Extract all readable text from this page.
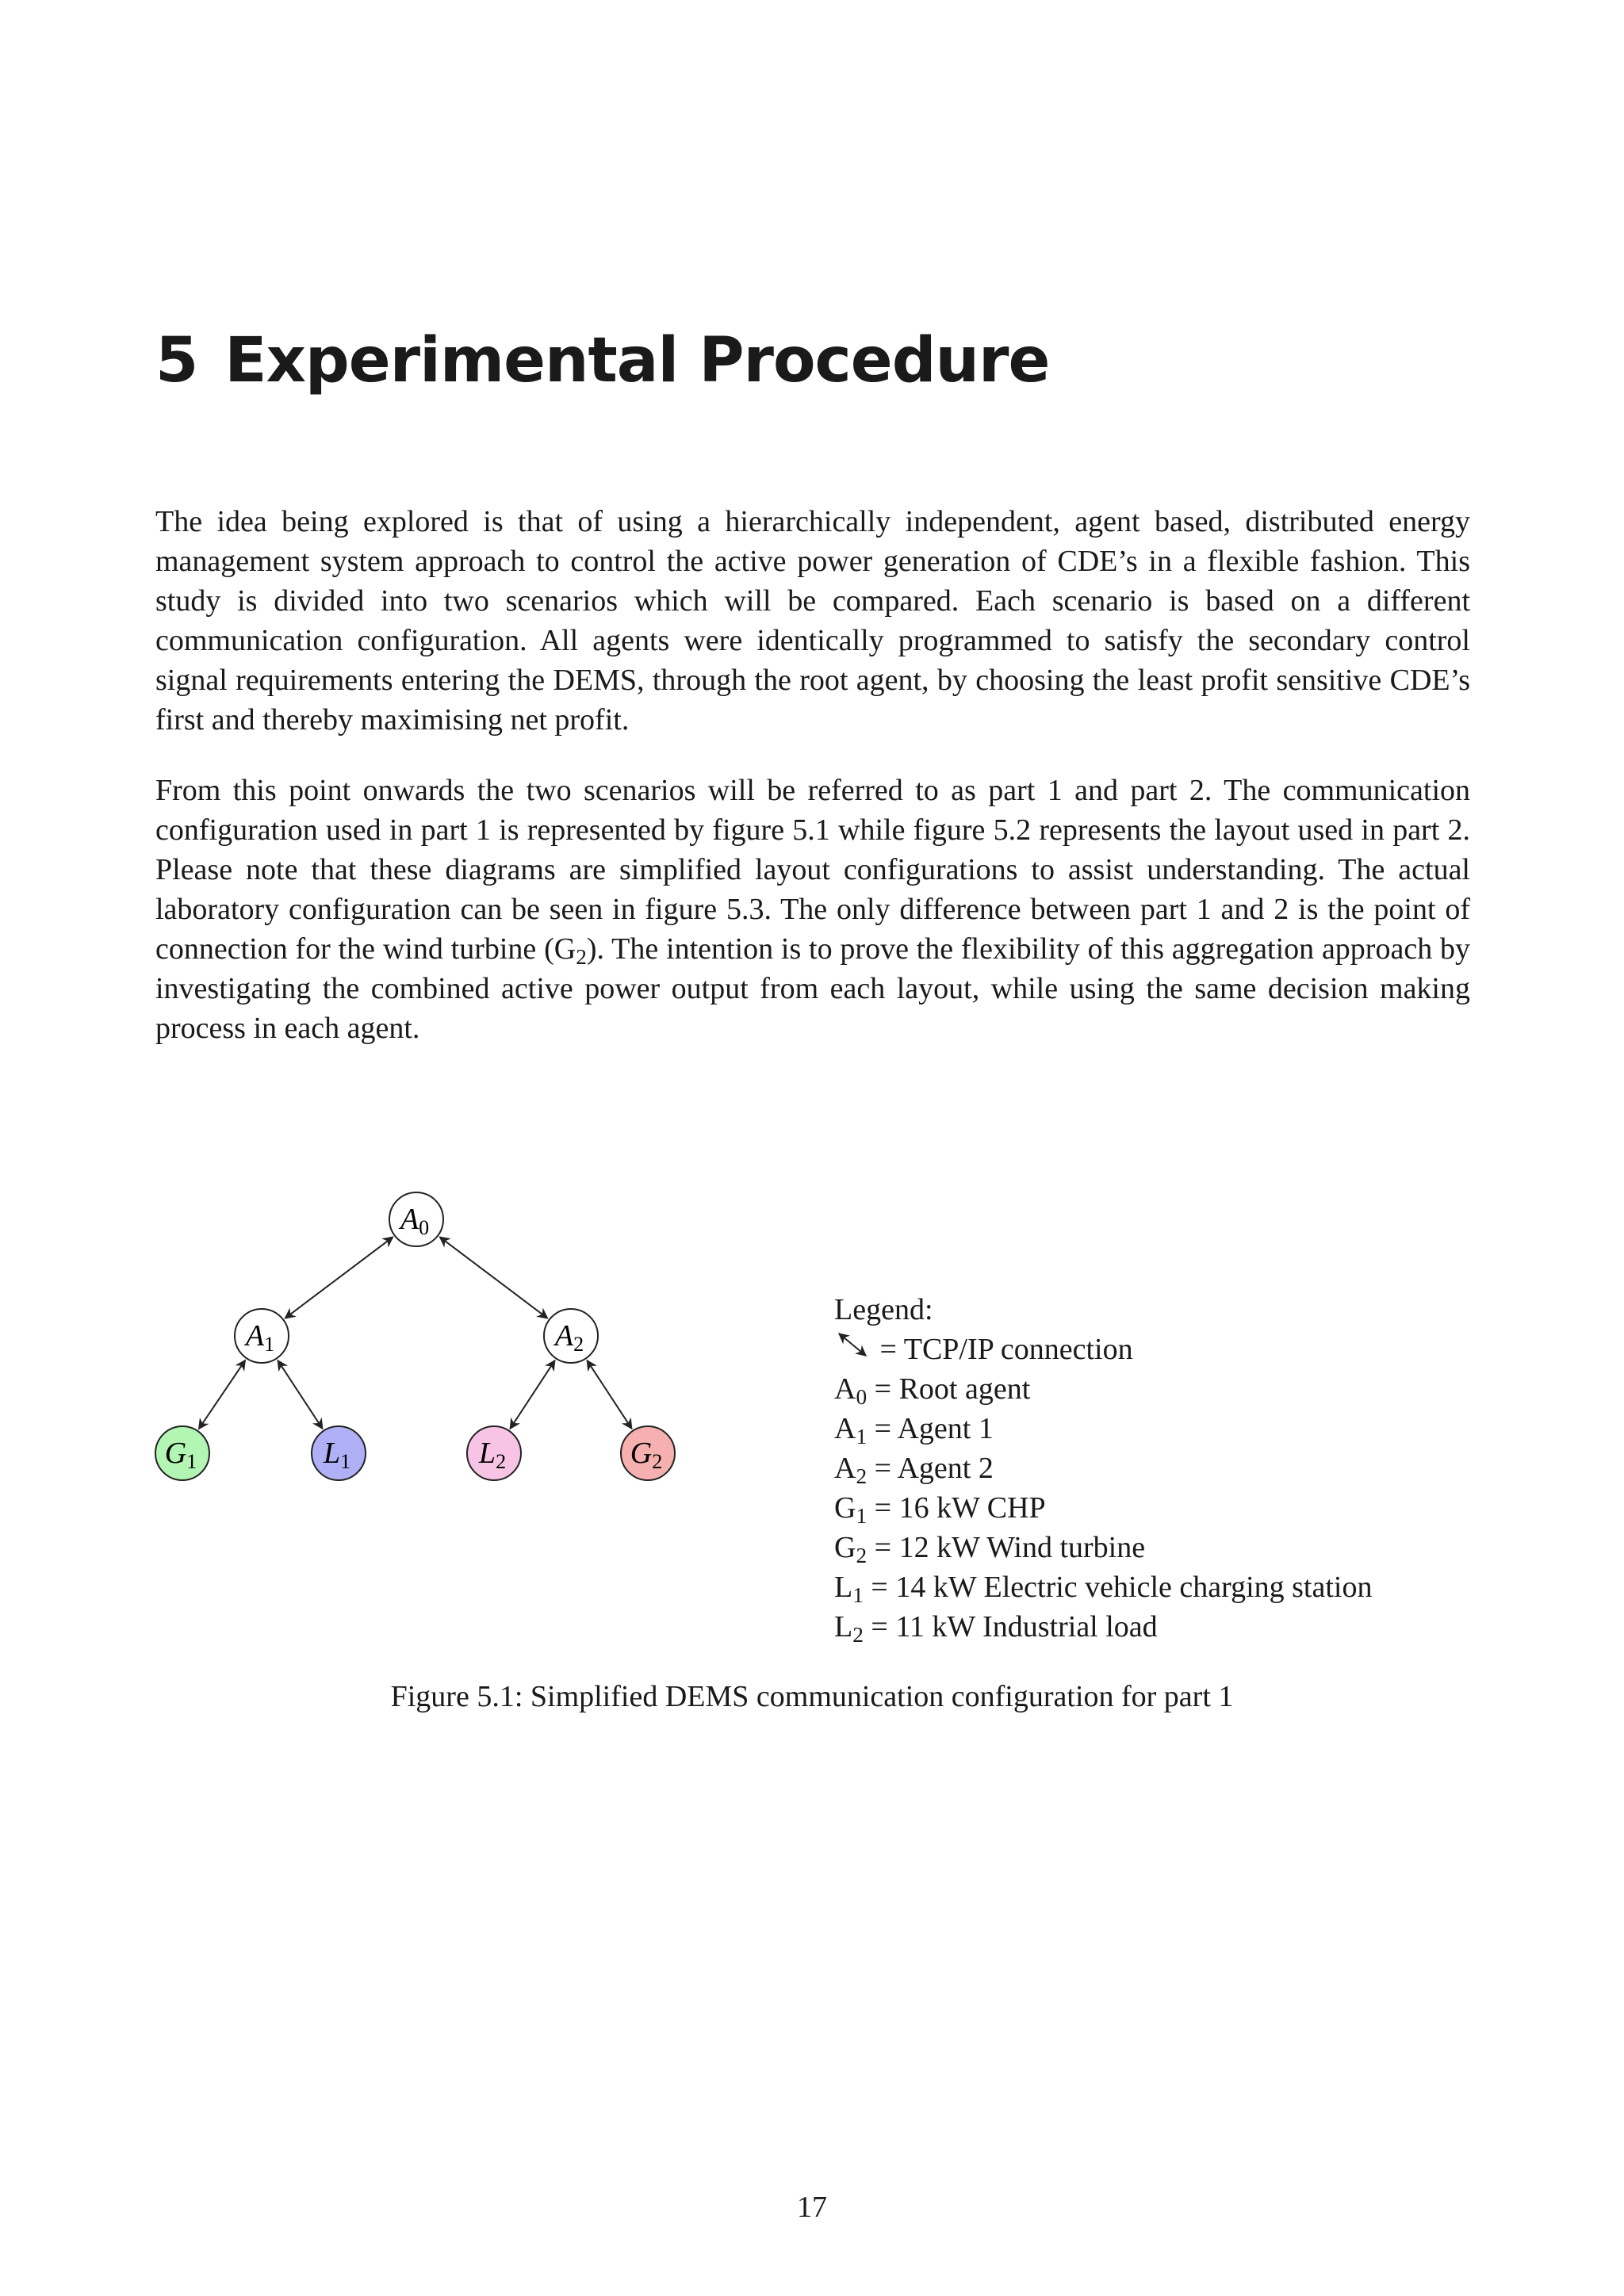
5 Experimental Procedure

The idea being explored is that of using a hierarchically independent, agent based, distributed energy management system approach to control the active power generation of CDE’s in a flexible fashion. This study is divided into two scenarios which will be compared. Each scenario is based on a different communication configuration. All agents were identically programmed to satisfy the secondary control signal requirements entering the DEMS, through the root agent, by choosing the least profit sensitive CDE’s first and thereby maximising net profit.

From this point onwards the two scenarios will be referred to as part 1 and part 2. The communication configuration used in part 1 is represented by figure 5.1 while figure 5.2 represents the layout used in part 2. Please note that these diagrams are simplified layout configurations to assist understanding. The actual laboratory configuration can be seen in figure 5.3. The only difference between part 1 and 2 is the point of connection for the wind turbine $(G_2)$. The intention is to prove the flexibility of this aggregation approach by investigating the combined active power output from each layout, while using the same decision making process in each agent.

A0
A1	A2
G1	L1	L2	G2
Legend:
= TCP/IP connection
$A_0$ = Root agent
$A_1$ = Agent 1
$A_2$ = Agent 2
$G_1 = 16$ kW CHP
$G_2 = 12$ kW Wind turbine
$L_1 = 14$ kW Electric vehicle charging station
$L_2 = 11$ kW Industrial load
Figure 5.1: Simplified DEMS communication configuration for part 1
17
